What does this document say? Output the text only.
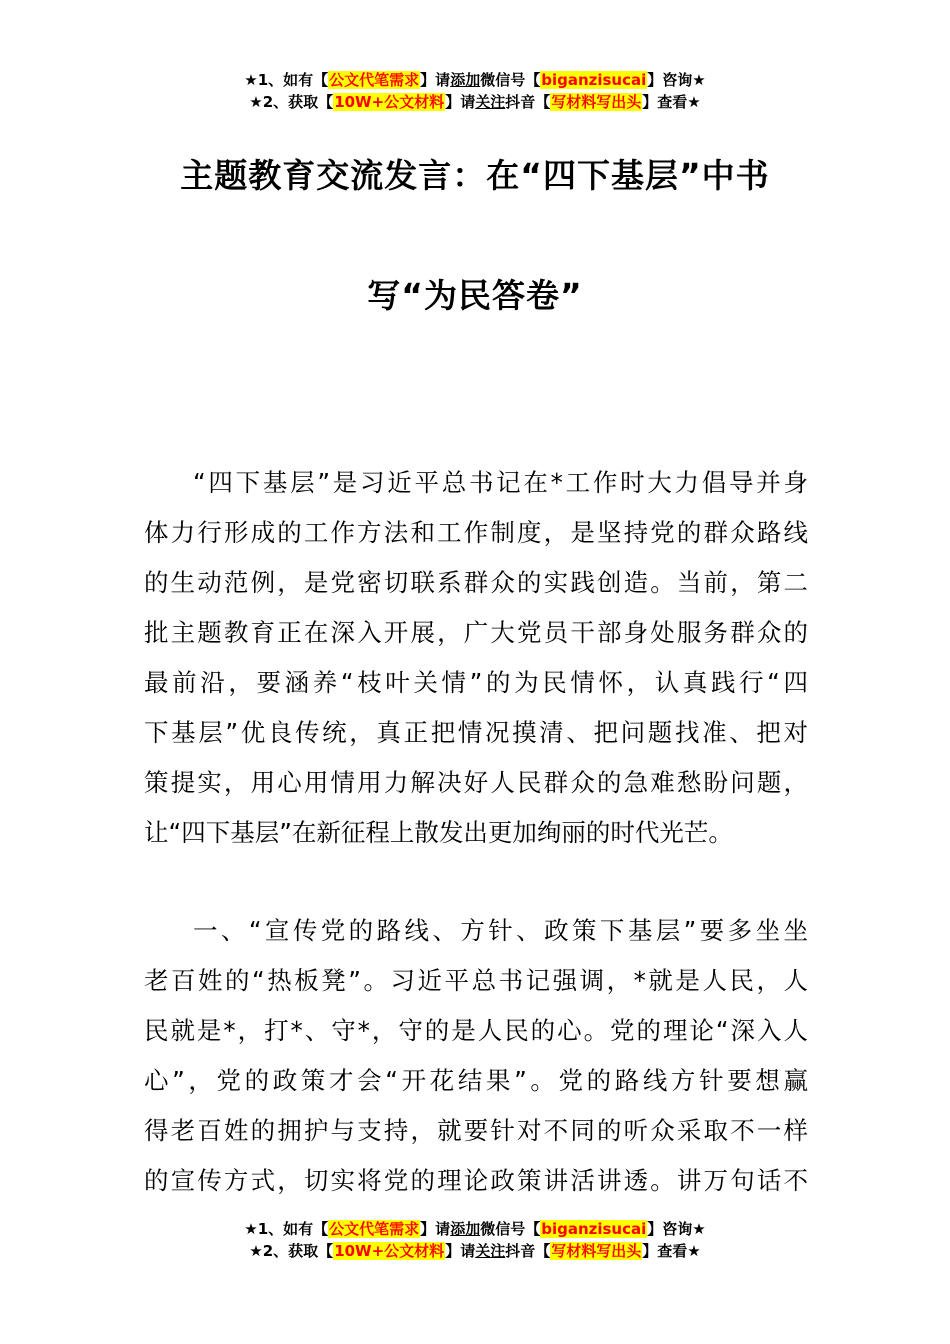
★1、如有【公文代笔需求】请添加微信号【biganzisucai】咨询★
★2、获取【10W+公文材料】请关注抖音【写材料写出头】查看★
主题教育交流发言：在“四下基层”中书
写“为民答卷”
“四下基层”是习近平总书记在*工作时大力倡导并身
体力行形成的工作方法和工作制度，是坚持党的群众路线
的生动范例，是党密切联系群众的实践创造。当前，第二
批主题教育正在深入开展，广大党员干部身处服务群众的
最前沿，要涵养“枝叶关情”的为民情怀，认真践行“四
下基层”优良传统，真正把情况摸清、把问题找准、把对
策提实，用心用情用力解决好人民群众的急难愁盼问题，
让“四下基层”在新征程上散发出更加绚丽的时代光芒。
一、“宣传党的路线、方针、政策下基层”要多坐坐
老百姓的“热板凳”。习近平总书记强调，*就是人民，人
民就是*，打*、守*，守的是人民的心。党的理论“深入人
心”，党的政策才会“开花结果”。党的路线方针要想赢
得老百姓的拥护与支持，就要针对不同的听众采取不一样
的宣传方式，切实将党的理论政策讲活讲透。讲万句话不
★1、如有【公文代笔需求】请添加微信号【biganzisucai】咨询★
★2、获取【10W+公文材料】请关注抖音【写材料写出头】查看★
